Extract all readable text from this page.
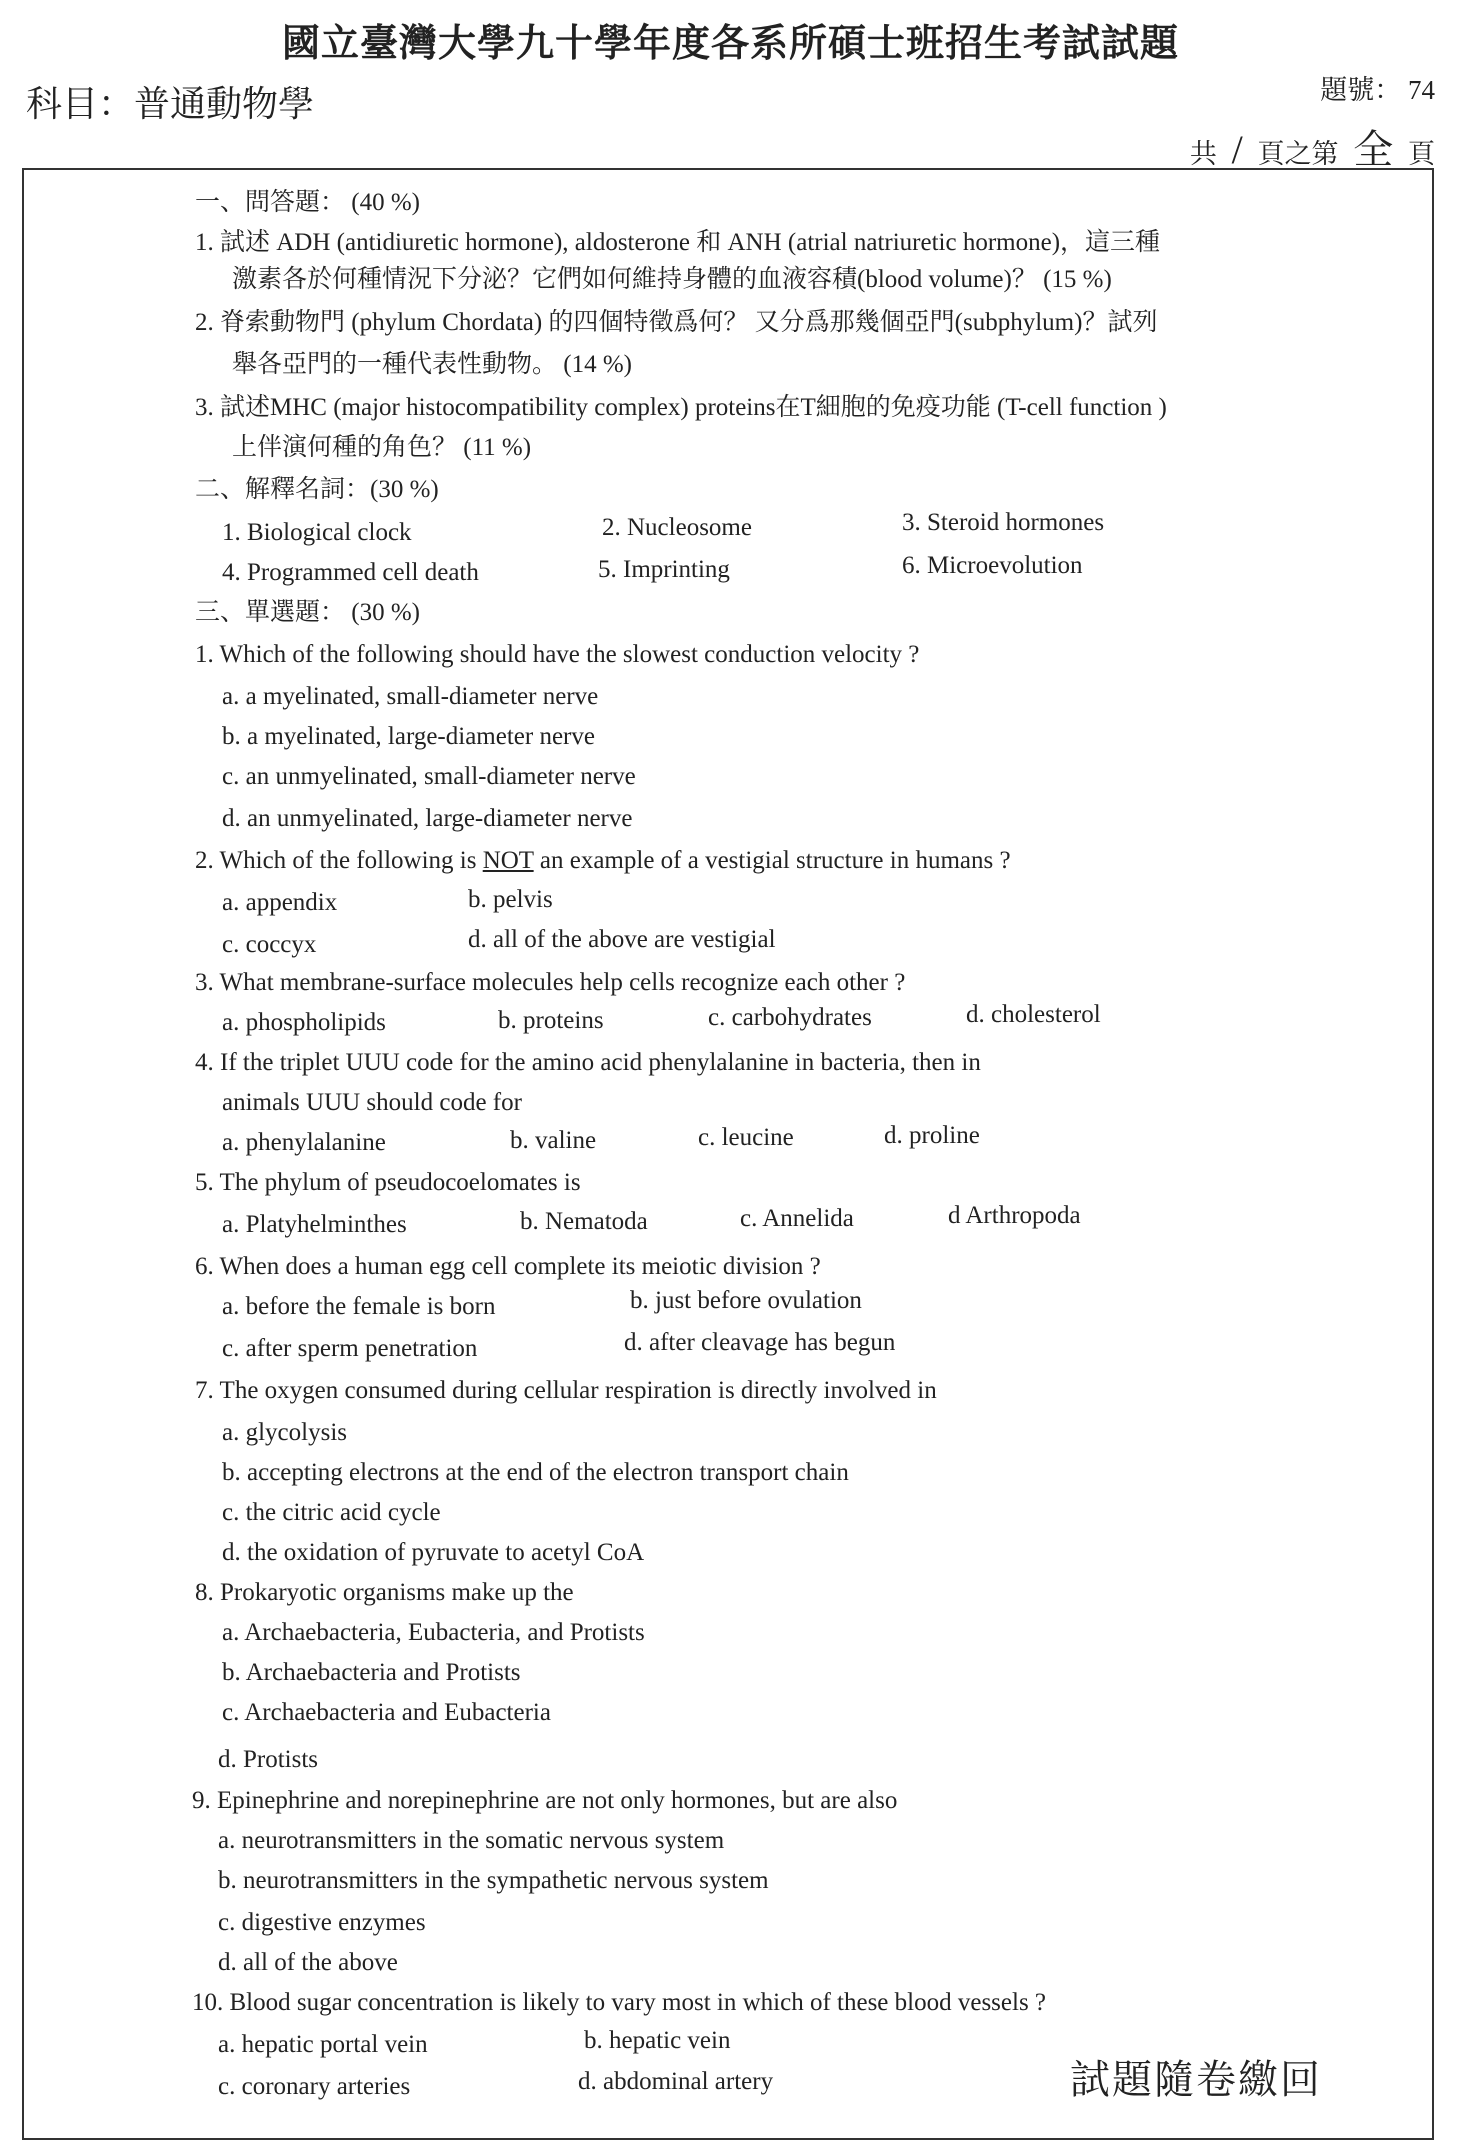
國立臺灣大學九十學年度各系所碩士班招生考試試題
科目：普通動物學	題號： 74
共 / 頁之第 全 頁
一、問答題： (40 %)
1. 試述 ADH (antidiuretic hormone), aldosterone 和 ANH (atrial natriuretic hormone)，這三種
激素各於何種情況下分泌？它們如何維持身體的血液容積(blood volume)？ (15 %)
2. 脊索動物門 (phylum Chordata) 的四個特徵爲何？ 又分爲那幾個亞門(subphylum)？試列
舉各亞門的一種代表性動物。 (14 %)
3. 試述MHC (major histocompatibility complex) proteins在T細胞的免疫功能 (T-cell function )
上伴演何種的角色？ (11 %)
二、解釋名詞：(30 %)
1. Biological clock	2. Nucleosome	3. Steroid hormones
4. Programmed cell death	5. Imprinting	6. Microevolution
三、單選題： (30 %)
1. Which of the following should have the slowest conduction velocity ?
a. a myelinated, small-diameter nerve
b. a myelinated, large-diameter nerve
c. an unmyelinated, small-diameter nerve
d. an unmyelinated, large-diameter nerve
2. Which of the following is NOT an example of a vestigial structure in humans ?
a. appendix	b. pelvis
c. coccyx	d. all of the above are vestigial
3. What membrane-surface molecules help cells recognize each other ?
a. phospholipids	b. proteins	c. carbohydrates	d. cholesterol
4. If the triplet UUU code for the amino acid phenylalanine in bacteria, then in
animals UUU should code for
a. phenylalanine	b. valine	c. leucine	d. proline
5. The phylum of pseudocoelomates is
a. Platyhelminthes	b. Nematoda	c. Annelida	d Arthropoda
6. When does a human egg cell complete its meiotic division ?
a. before the female is born	b. just before ovulation
c. after sperm penetration	d. after cleavage has begun
7. The oxygen consumed during cellular respiration is directly involved in
a. glycolysis
b. accepting electrons at the end of the electron transport chain
c. the citric acid cycle
d. the oxidation of pyruvate to acetyl CoA
8. Prokaryotic organisms make up the
a. Archaebacteria, Eubacteria, and Protists
b. Archaebacteria and Protists
c. Archaebacteria and Eubacteria
d. Protists
9. Epinephrine and norepinephrine are not only hormones, but are also
a. neurotransmitters in the somatic nervous system
b. neurotransmitters in the sympathetic nervous system
c. digestive enzymes
d. all of the above
10. Blood sugar concentration is likely to vary most in which of these blood vessels ?
a. hepatic portal vein	b. hepatic vein
c. coronary arteries	d. abdominal artery	試題隨卷繳回
